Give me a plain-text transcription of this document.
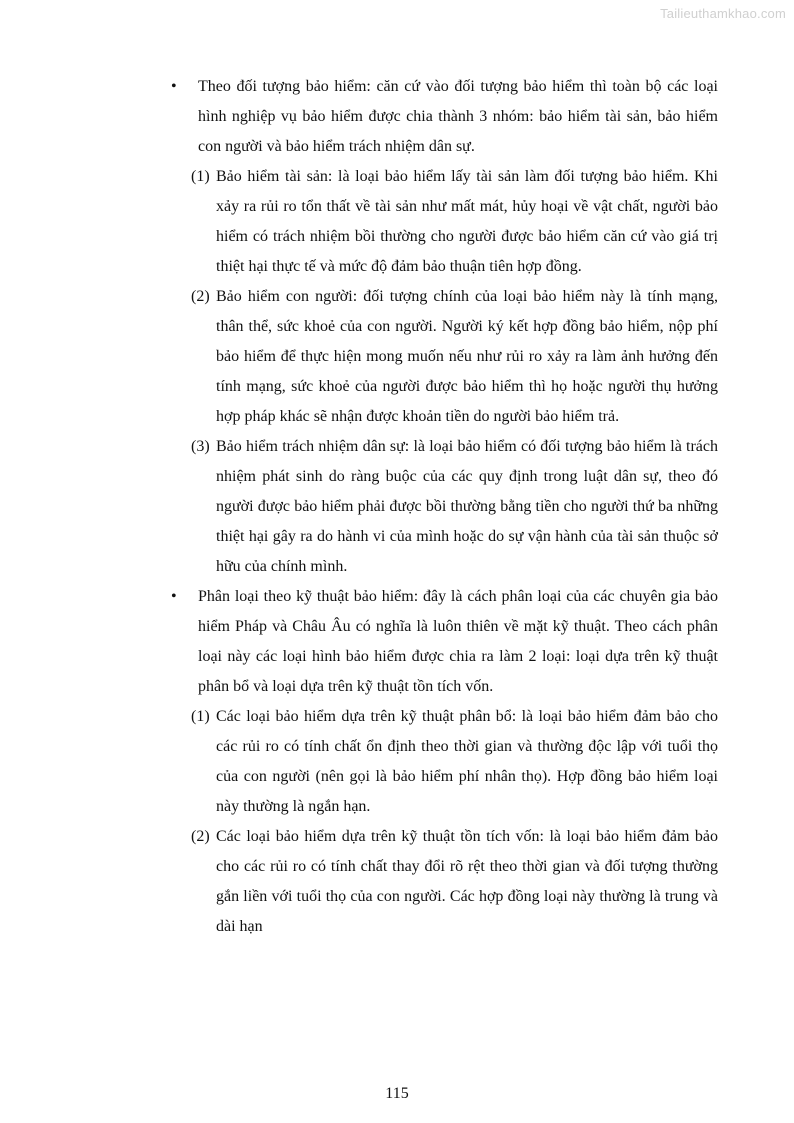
Tailieuthamkhao.com
• Theo đối tượng bảo hiểm: căn cứ vào đối tượng bảo hiểm thì toàn bộ các loại hình nghiệp vụ bảo hiểm được chia thành 3 nhóm: bảo hiểm tài sản, bảo hiểm con người và bảo hiểm trách nhiệm dân sự.

(1) Bảo hiểm tài sản: là loại bảo hiểm lấy tài sản làm đối tượng bảo hiểm. Khi xảy ra rủi ro tổn thất về tài sản như mất mát, hủy hoại về vật chất, người bảo hiểm có trách nhiệm bồi thường cho người được bảo hiểm căn cứ vào giá trị thiệt hại thực tế và mức độ đảm bảo thuận tiên hợp đồng.

(2) Bảo hiểm con người: đối tượng chính của loại bảo hiểm này là tính mạng, thân thể, sức khoẻ của con người. Người ký kết hợp đồng bảo hiểm, nộp phí bảo hiểm để thực hiện mong muốn nếu như rủi ro xảy ra làm ảnh hưởng đến tính mạng, sức khoẻ của người được bảo hiểm thì họ hoặc người thụ hưởng hợp pháp khác sẽ nhận được khoản tiền do người bảo hiểm trả.

(3) Bảo hiểm trách nhiệm dân sự: là loại bảo hiểm có đối tượng bảo hiểm là trách nhiệm phát sinh do ràng buộc của các quy định trong luật dân sự, theo đó người được bảo hiểm phải được bồi thường bằng tiền cho người thứ ba những thiệt hại gây ra do hành vi của mình hoặc do sự vận hành của tài sản thuộc sở hữu của chính mình.

• Phân loại theo kỹ thuật bảo hiểm: đây là cách phân loại của các chuyên gia bảo hiểm Pháp và Châu Âu có nghĩa là luôn thiên về mặt kỹ thuật. Theo cách phân loại này các loại hình bảo hiểm được chia ra làm 2 loại: loại dựa trên kỹ thuật phân bổ và loại dựa trên kỹ thuật tồn tích vốn.

(1) Các loại bảo hiểm dựa trên kỹ thuật phân bổ: là loại bảo hiểm đảm bảo cho các rủi ro có tính chất ổn định theo thời gian và thường độc lập với tuổi thọ của con người (nên gọi là bảo hiểm phí nhân thọ). Hợp đồng bảo hiểm loại này thường là ngắn hạn.

(2) Các loại bảo hiểm dựa trên kỹ thuật tồn tích vốn: là loại bảo hiểm đảm bảo cho các rủi ro có tính chất thay đổi rõ rệt theo thời gian và đối tượng thường gắn liền với tuổi thọ của con người. Các hợp đồng loại này thường là trung và dài hạn

115
